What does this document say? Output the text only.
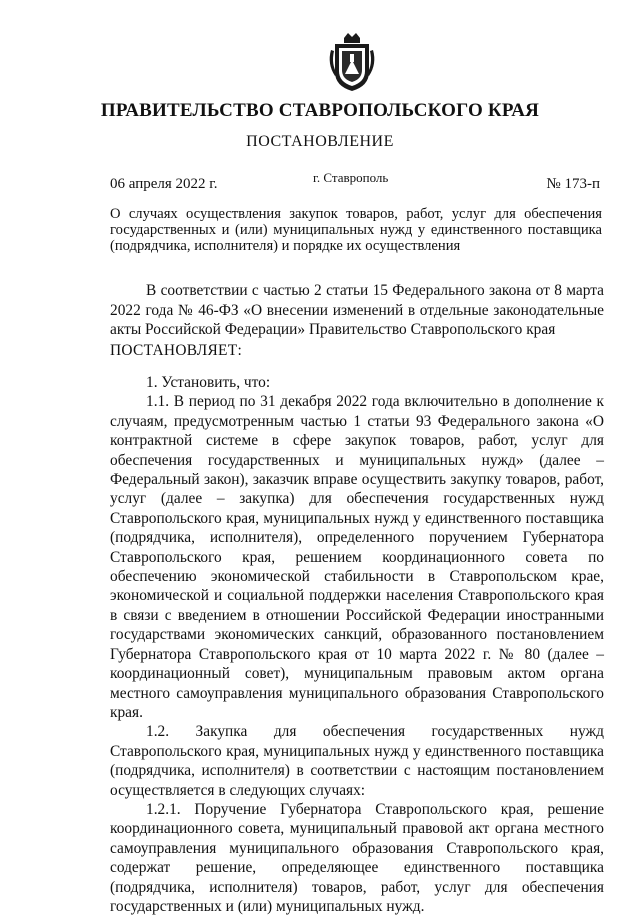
ПРАВИТЕЛЬСТВО СТАВРОПОЛЬСКОГО КРАЯ
ПОСТАНОВЛЕНИЕ
06 апреля 2022 г.	г. Ставрополь	№ 173-п
О случаях осуществления закупок товаров, работ, услуг для обеспечения государственных и (или) муниципальных нужд у единственного поставщика (подрядчика, исполнителя) и порядке их осуществления
В соответствии с частью 2 статьи 15 Федерального закона от 8 марта 2022 года № 46-ФЗ «О внесении изменений в отдельные законодательные акты Российской Федерации» Правительство Ставропольского края
ПОСТАНОВЛЯЕТ:

1. Установить, что:

1.1. В период по 31 декабря 2022 года включительно в дополнение к случаям, предусмотренным частью 1 статьи 93 Федерального закона «О контрактной системе в сфере закупок товаров, работ, услуг для обеспечения государственных и муниципальных нужд» (далее – Федеральный закон), заказчик вправе осуществить закупку товаров, работ, услуг (далее – закупка) для обеспечения государственных нужд Ставропольского края, муниципальных нужд у единственного поставщика (подрядчика, исполнителя), определенного поручением Губернатора Ставропольского края, решением координационного совета по обеспечению экономической стабильности в Ставропольском крае, экономической и социальной поддержки населения Ставропольского края в связи с введением в отношении Российской Федерации иностранными государствами экономических санкций, образованного постановлением Губернатора Ставропольского края от 10 марта 2022 г. № 80 (далее – координационный совет), муниципальным правовым актом органа местного самоуправления муниципального образования Ставропольского края.

1.2. Закупка для обеспечения государственных нужд Ставропольского края, муниципальных нужд у единственного поставщика (подрядчика, исполнителя) в соответствии с настоящим постановлением осуществляется в следующих случаях:

1.2.1. Поручение Губернатора Ставропольского края, решение координационного совета, муниципальный правовой акт органа местного самоуправления муниципального образования Ставропольского края, содержат решение, определяющее единственного поставщика (подрядчика, исполнителя) товаров, работ, услуг для обеспечения государственных и (или) муниципальных нужд.
